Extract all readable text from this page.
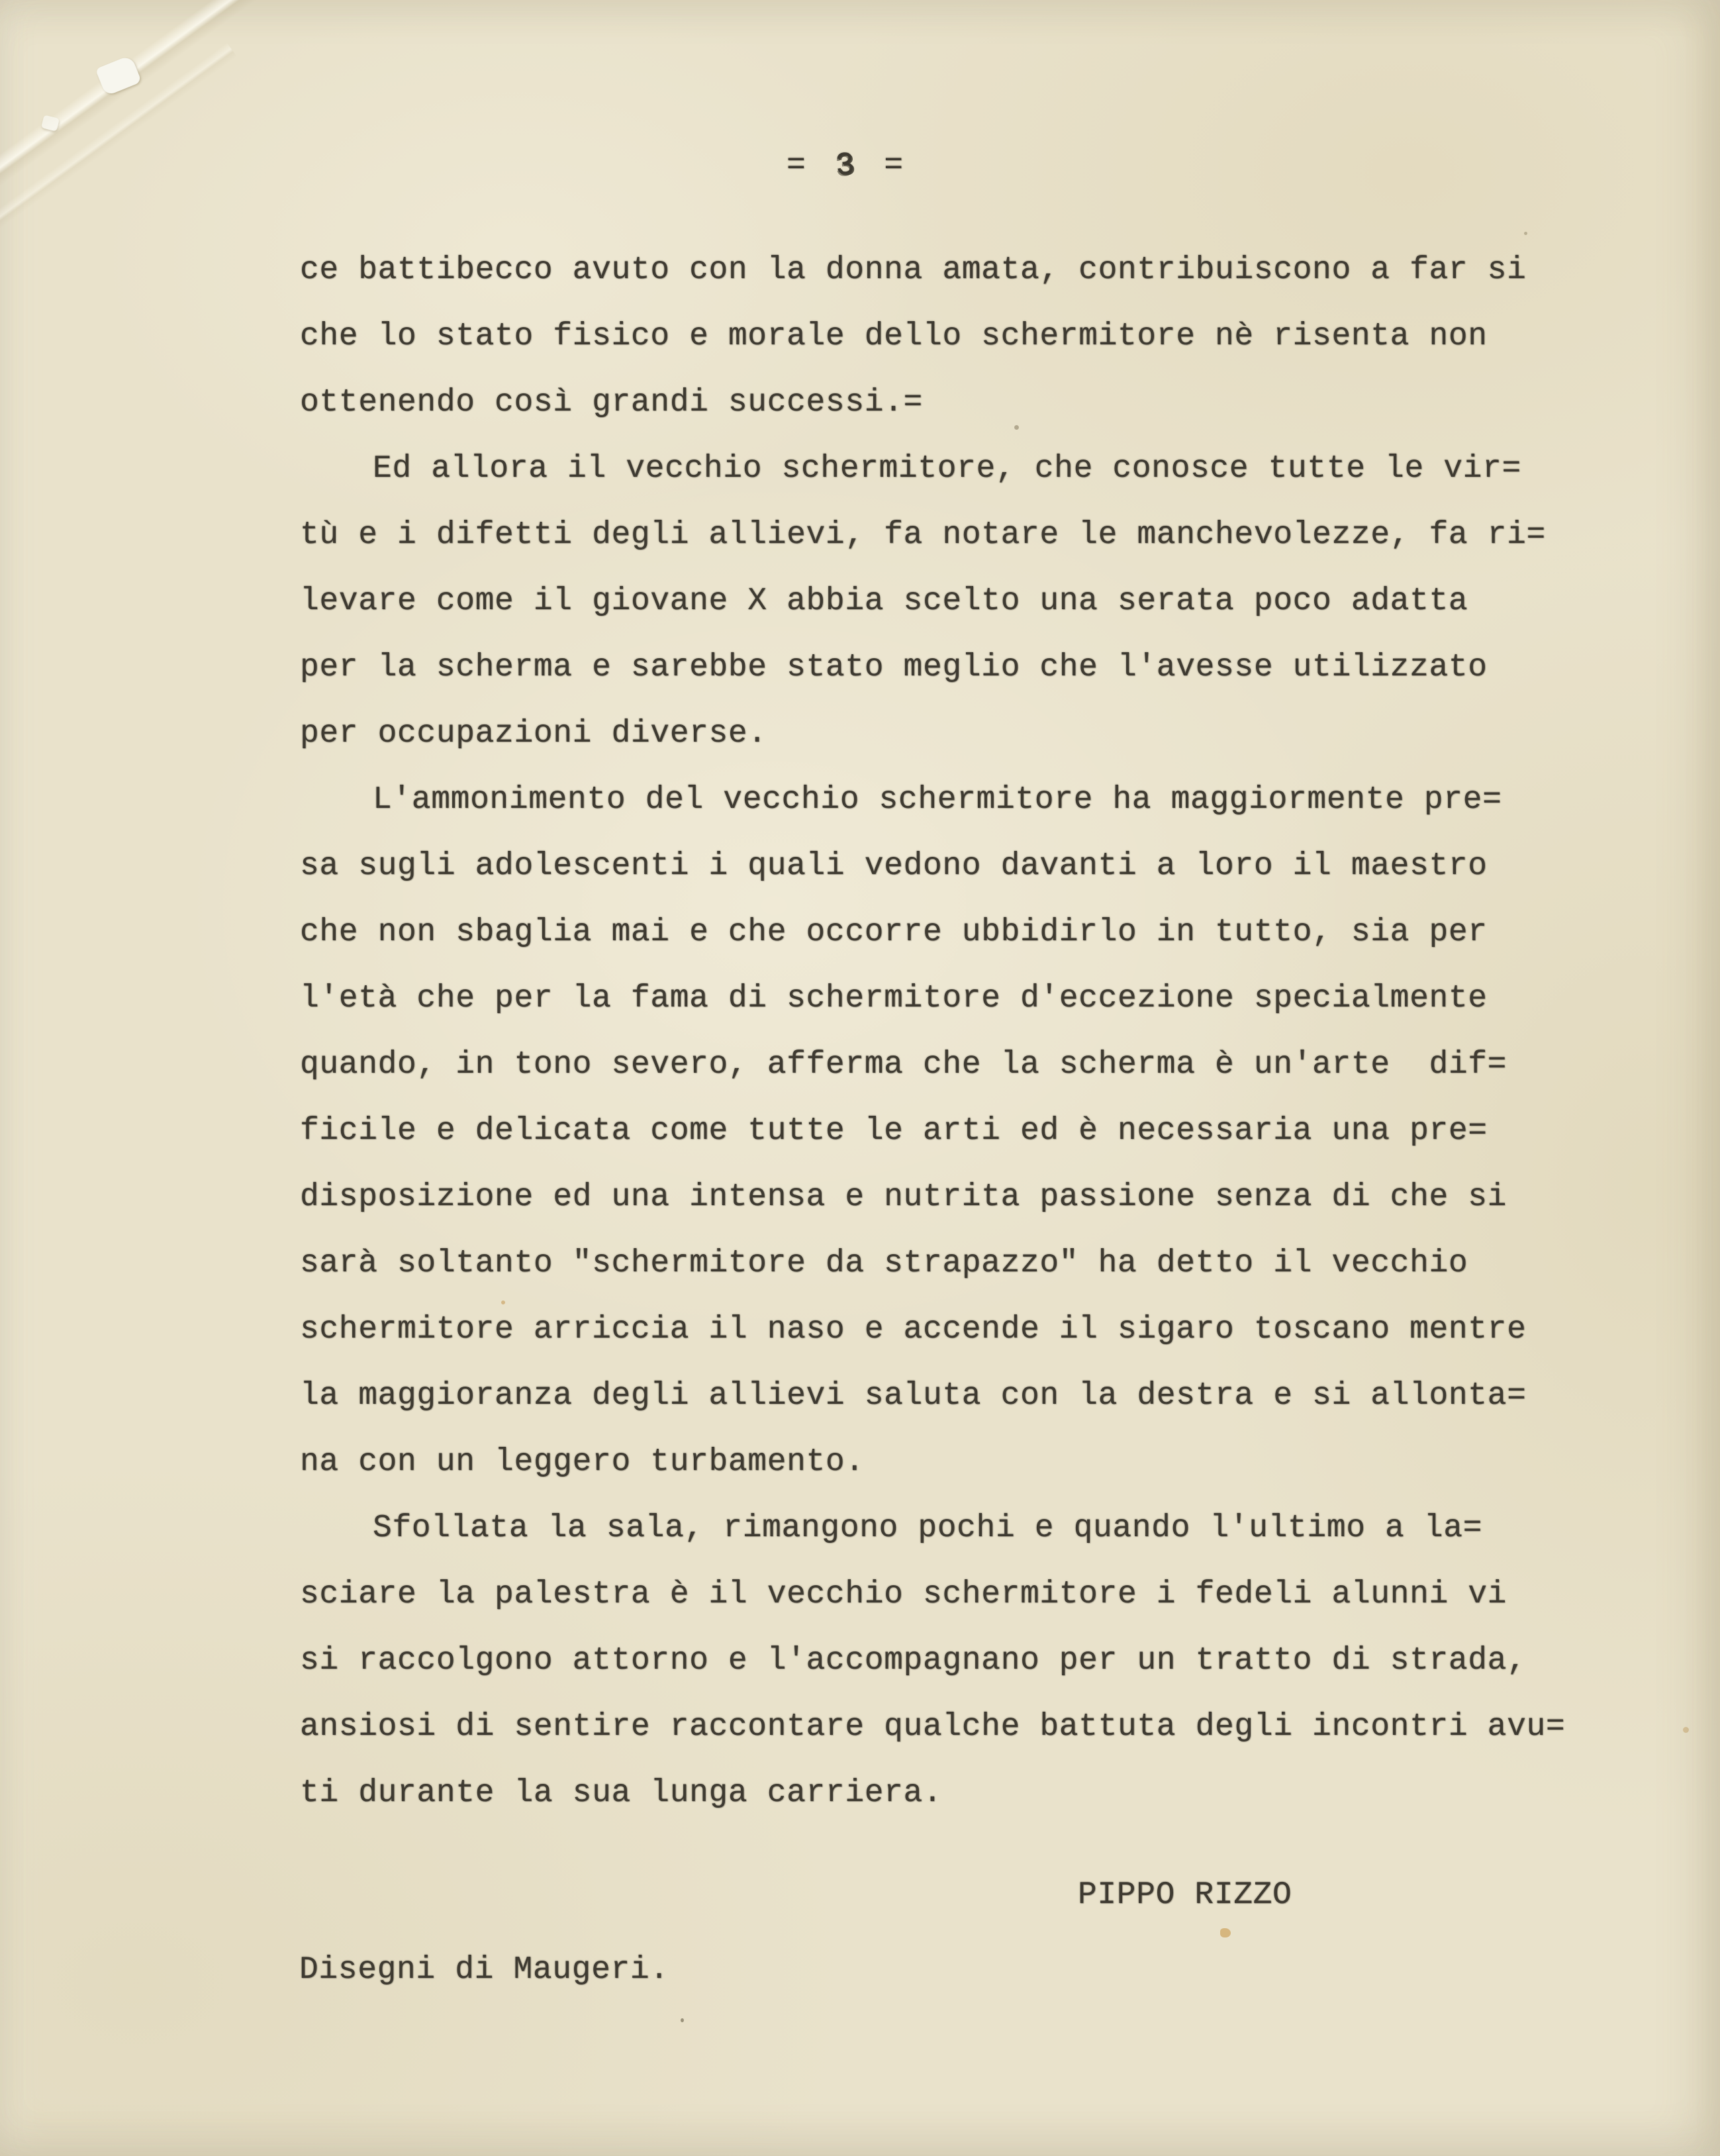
= 3 =
ce battibecco avuto con la donna amata, contribuiscono a far si
che lo stato fisico e morale dello schermitore nè risenta non
ottenendo così grandi successi.=
Ed allora il vecchio schermitore, che conosce tutte le vir=
tù e i difetti degli allievi, fa notare le manchevolezze, fa ri=
levare come il giovane X abbia scelto una serata poco adatta
per la scherma e sarebbe stato meglio che l'avesse utilizzato
per occupazioni diverse.
L'ammonimento del vecchio schermitore ha maggiormente pre=
sa sugli adolescenti i quali vedono davanti a loro il maestro
che non sbaglia mai e che occorre ubbidirlo in tutto, sia per
l'età che per la fama di schermitore d'eccezione specialmente
quando, in tono severo, afferma che la scherma è un'arte  dif=
ficile e delicata come tutte le arti ed è necessaria una pre=
disposizione ed una intensa e nutrita passione senza di che si
sarà soltanto "schermitore da strapazzo" ha detto il vecchio
schermitore arriccia il naso e accende il sigaro toscano mentre
la maggioranza degli allievi saluta con la destra e si allonta=
na con un leggero turbamento.
Sfollata la sala, rimangono pochi e quando l'ultimo a la=
sciare la palestra è il vecchio schermitore i fedeli alunni vi
si raccolgono attorno e l'accompagnano per un tratto di strada,
ansiosi di sentire raccontare qualche battuta degli incontri avu=
ti durante la sua lunga carriera.
PIPPO RIZZO
Disegni di Maugeri.
